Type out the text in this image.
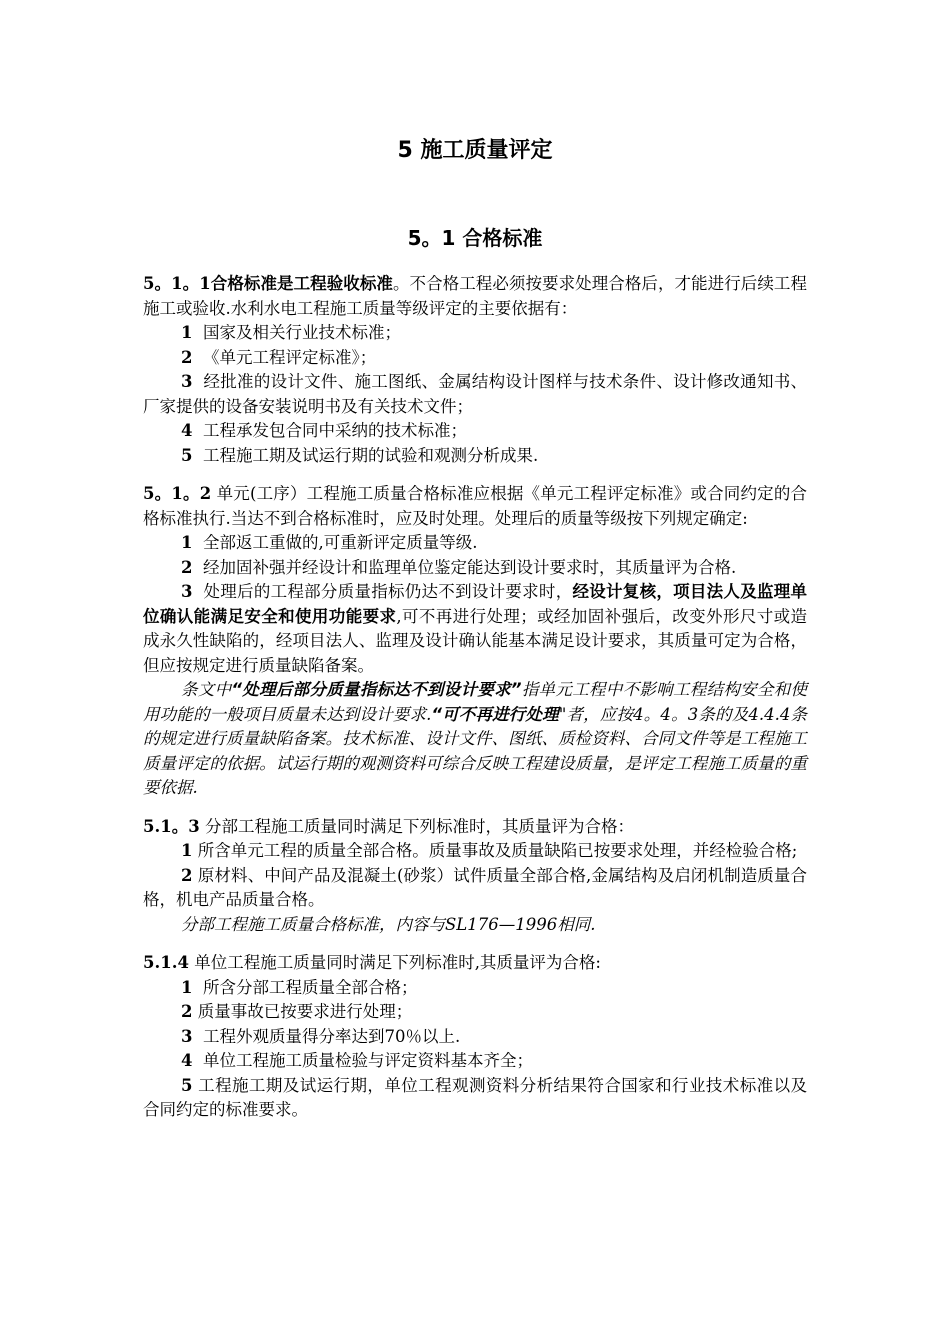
5 施工质量评定
5。1 合格标准

5。1。1合格标准是工程验收标准。不合格工程必须按要求处理合格后，才能进行后续工程施工或验收.水利水电工程施工质量等级评定的主要依据有：

1 国家及相关行业技术标准；

2 《单元工程评定标准》；

3 经批准的设计文件、施工图纸、金属结构设计图样与技术条件、设计修改通知书、厂家提供的设备安装说明书及有关技术文件；

4 工程承发包合同中采纳的技术标准；

5 工程施工期及试运行期的试验和观测分析成果.

5。1。2 单元(工序）工程施工质量合格标准应根据《单元工程评定标准》或合同约定的合格标准执行.当达不到合格标准时，应及时处理。处理后的质量等级按下列规定确定:

1 全部返工重做的,可重新评定质量等级.

2 经加固补强并经设计和监理单位鉴定能达到设计要求时，其质量评为合格.

3 处理后的工程部分质量指标仍达不到设计要求时，经设计复核，项目法人及监理单位确认能满足安全和使用功能要求,可不再进行处理；或经加固补强后，改变外形尺寸或造成永久性缺陷的，经项目法人、监理及设计确认能基本满足设计要求，其质量可定为合格，但应按规定进行质量缺陷备案。

条文中“处理后部分质量指标达不到设计要求”指单元工程中不影响工程结构安全和使用功能的一般项目质量未达到设计要求.“可不再进行处理"者，应按4。4。3条的及4.4.4条的规定进行质量缺陷备案。技术标准、设计文件、图纸、质检资料、合同文件等是工程施工质量评定的依据。试运行期的观测资料可综合反映工程建设质量，是评定工程施工质量的重要依据.

5.1。3 分部工程施工质量同时满足下列标准时，其质量评为合格：

1 所含单元工程的质量全部合格。质量事故及质量缺陷已按要求处理，并经检验合格;

2 原材料、中间产品及混凝土(砂浆）试件质量全部合格,金属结构及启闭机制造质量合格，机电产品质量合格。

分部工程施工质量合格标准，内容与SL176—1996相同.

5.1.4 单位工程施工质量同时满足下列标准时,其质量评为合格:

1 所含分部工程质量全部合格；

2 质量事故已按要求进行处理；

3 工程外观质量得分率达到70％以上.

4 单位工程施工质量检验与评定资料基本齐全；

5 工程施工期及试运行期，单位工程观测资料分析结果符合国家和行业技术标准以及合同约定的标准要求。
